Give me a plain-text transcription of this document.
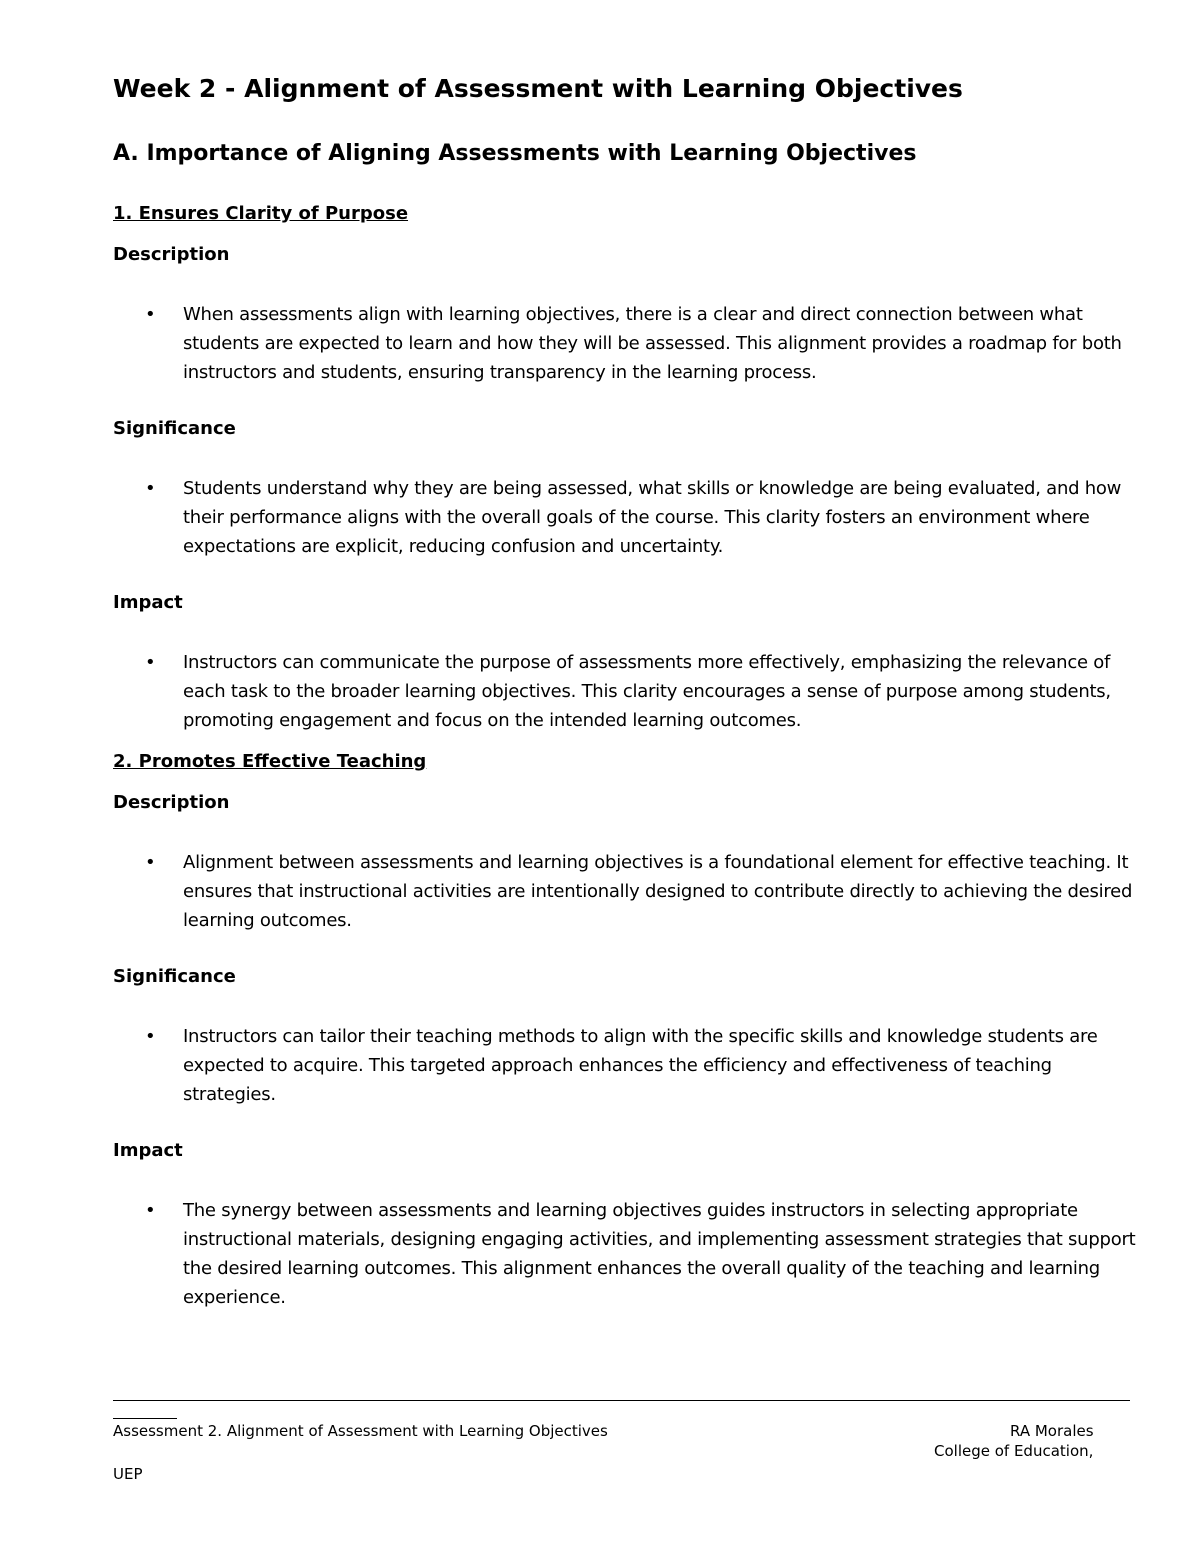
Week 2 - Alignment of Assessment with Learning Objectives
A. Importance of Aligning Assessments with Learning Objectives
1. Ensures Clarity of Purpose
Description
• When assessments align with learning objectives, there is a clear and direct connection between what students are expected to learn and how they will be assessed. This alignment provides a roadmap for both instructors and students, ensuring transparency in the learning process.
Significance
• Students understand why they are being assessed, what skills or knowledge are being evaluated, and how their performance aligns with the overall goals of the course. This clarity fosters an environment where expectations are explicit, reducing confusion and uncertainty.
Impact
• Instructors can communicate the purpose of assessments more effectively, emphasizing the relevance of each task to the broader learning objectives. This clarity encourages a sense of purpose among students, promoting engagement and focus on the intended learning outcomes.
2. Promotes Effective Teaching
Description
• Alignment between assessments and learning objectives is a foundational element for effective teaching. It ensures that instructional activities are intentionally designed to contribute directly to achieving the desired learning outcomes.
Significance
• Instructors can tailor their teaching methods to align with the specific skills and knowledge students are expected to acquire. This targeted approach enhances the efficiency and effectiveness of teaching strategies.
Impact
• The synergy between assessments and learning objectives guides instructors in selecting appropriate instructional materials, designing engaging activities, and implementing assessment strategies that support the desired learning outcomes. This alignment enhances the overall quality of the teaching and learning experience.
Assessment 2. Alignment of Assessment with Learning Objectives	RA Morales
College of Education,
UEP
